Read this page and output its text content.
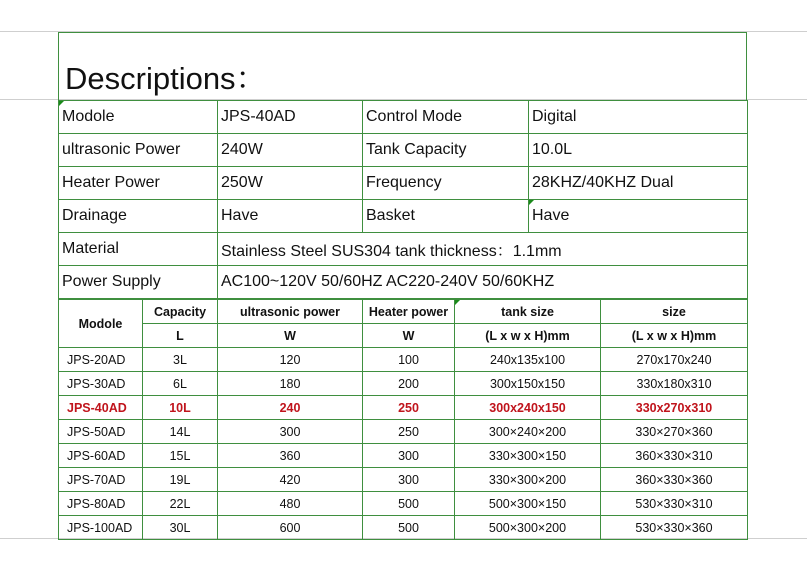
Descriptions：
Modole	JPS-40AD	Control Mode	Digital
ultrasonic Power	240W	Tank Capacity	10.0L
Heater Power	250W	Frequency	28KHZ/40KHZ Dual
Drainage	Have	Basket	Have
Material	Stainless Steel SUS304 tank thickness：1.1mm		
Power Supply	AC100~120V 50/60HZ AC220-240V 50/60KHZ		
Modole	Capacity	ultrasonic power	Heater power	tank size	size
	L	W	W	(L x w x H)mm	(L x w x H)mm
JPS-20AD	3L	120	100	240x135x100	270x170x240
JPS-30AD	6L	180	200	300x150x150	330x180x310
JPS-40AD	10L	240	250	300x240x150	330x270x310
JPS-50AD	14L	300	250	300×240×200	330×270×360
JPS-60AD	15L	360	300	330×300×150	360×330×310
JPS-70AD	19L	420	300	330×300×200	360×330×360
JPS-80AD	22L	480	500	500×300×150	530×330×310
JPS-100AD	30L	600	500	500×300×200	530×330×360
